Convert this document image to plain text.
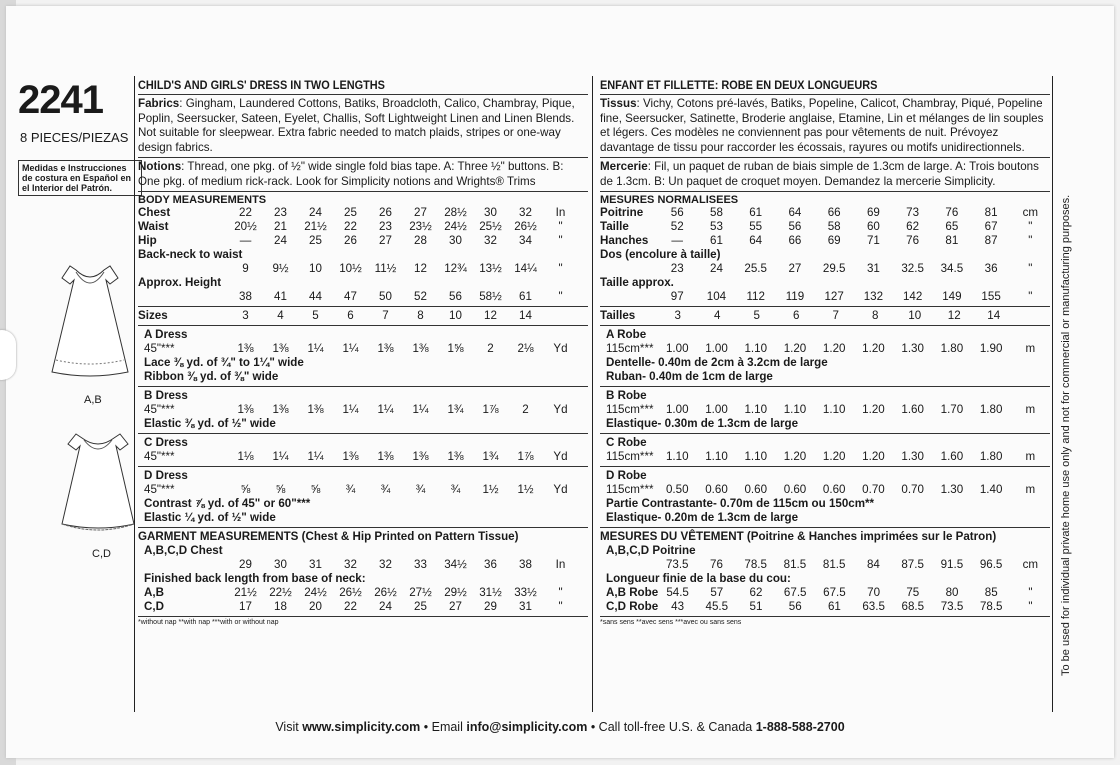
2241
8 PIECES/PIEZAS
Medidas e Instrucciones de costura en Español en el Interior del Patrón.
A,B
C,D
CHILD'S AND GIRLS' DRESS IN TWO LENGTHS
Fabrics: Gingham, Laundered Cottons, Batiks, Broadcloth, Calico, Chambray, Pique, Poplin, Seersucker, Sateen, Eyelet, Challis, Soft Lightweight Linen and Linen Blends. Not suitable for sleepwear. Extra fabric needed to match plaids, stripes or one-way design fabrics.
Notions: Thread, one pkg. of ½" wide single fold bias tape. A: Three ½" buttons. B: One pkg. of medium rick-rack. Look for Simplicity notions and Wrights® Trims
BODY MEASUREMENTS
Chest	22	23	24	25	26	27	28½	30	32	In
Waist	20½	21	21½	22	23	23½	24½	25½	26½	"
Hip	—	24	25	26	27	28	30	32	34	"
Back-neck to waist
9	9½	10	10½	11½	12	12¾	13½	14¼	"
Approx. Height
38	41	44	47	50	52	56	58½	61	"
Sizes	3	4	5	6	7	8	10	12	14
A Dress
45"***	1⅜	1⅜	1¼	1¼	1⅜	1⅜	1⅝	2	2⅛	Yd
Lace ⅜ yd. of ¾" to 1¼" wide
Ribbon ⅜ yd. of ⅜" wide
B Dress
45"***	1⅜	1⅜	1⅜	1¼	1¼	1¼	1¾	1⅞	2	Yd
Elastic ⅜ yd. of ½" wide
C Dress
45"***	1⅛	1¼	1¼	1⅜	1⅜	1⅜	1⅜	1¾	1⅞	Yd
D Dress
45"***	⅝	⅝	⅝	¾	¾	¾	¾	1½	1½	Yd
Contrast ⅞ yd. of 45" or 60"***
Elastic ¼ yd. of ½" wide
GARMENT MEASUREMENTS (Chest & Hip Printed on Pattern Tissue)
A,B,C,D Chest
29	30	31	32	32	33	34½	36	38	In
Finished back length from base of neck:
A,B	21½	22½	24½	26½	26½	27½	29½	31½	33½	"
C,D	17	18	20	22	24	25	27	29	31	"
*without nap **with nap ***with or without nap
ENFANT ET FILLETTE: ROBE EN DEUX LONGUEURS
Tissus: Vichy, Cotons pré-lavés, Batiks, Popeline, Calicot, Chambray, Piqué, Popeline fine, Seersucker, Satinette, Broderie anglaise, Etamine, Lin et mélanges de lin souples et légers. Ces modèles ne conviennent pas pour vêtements de nuit. Prévoyez davantage de tissu pour raccorder les écossais, rayures ou motifs unidirectionnels.
Mercerie: Fil, un paquet de ruban de biais simple de 1.3cm de large. A: Trois boutons de 1.3cm. B: Un paquet de croquet moyen. Demandez la mercerie Simplicity.
MESURES NORMALISEES
Poitrine	56	58	61	64	66	69	73	76	81	cm
Taille	52	53	55	56	58	60	62	65	67	"
Hanches	—	61	64	66	69	71	76	81	87	"
Dos (encolure à taille)
23	24	25.5	27	29.5	31	32.5	34.5	36	"
Taille approx.
97	104	112	119	127	132	142	149	155	"
Tailles	3	4	5	6	7	8	10	12	14
A Robe
115cm***	1.00	1.00	1.10	1.20	1.20	1.20	1.30	1.80	1.90	m
Dentelle- 0.40m de 2cm à 3.2cm de large
Ruban- 0.40m de 1cm de large
B Robe
115cm***	1.00	1.00	1.10	1.10	1.10	1.20	1.60	1.70	1.80	m
Elastique- 0.30m de 1.3cm de large
C Robe
115cm***	1.10	1.10	1.10	1.20	1.20	1.20	1.30	1.60	1.80	m
D Robe
115cm***	0.50	0.60	0.60	0.60	0.60	0.70	0.70	1.30	1.40	m
Partie Contrastante- 0.70m de 115cm ou 150cm**
Elastique- 0.20m de 1.3cm de large
MESURES DU VÊTEMENT (Poitrine & Hanches imprimées sur le Patron)
A,B,C,D Poitrine
73.5	76	78.5	81.5	81.5	84	87.5	91.5	96.5	cm
Longueur finie de la base du cou:
A,B Robe 54.5	57	62	67.5	67.5	70	75	80	85	"
C,D Robe	43	45.5	51	56	61	63.5	68.5	73.5	78.5	"
*sans sens **avec sens ***avec ou sans sens
Visit www.simplicity.com • Email info@simplicity.com • Call toll-free U.S. & Canada 1-888-588-2700
To be used for individual private home use only and not for commercial or manufacturing purposes.
